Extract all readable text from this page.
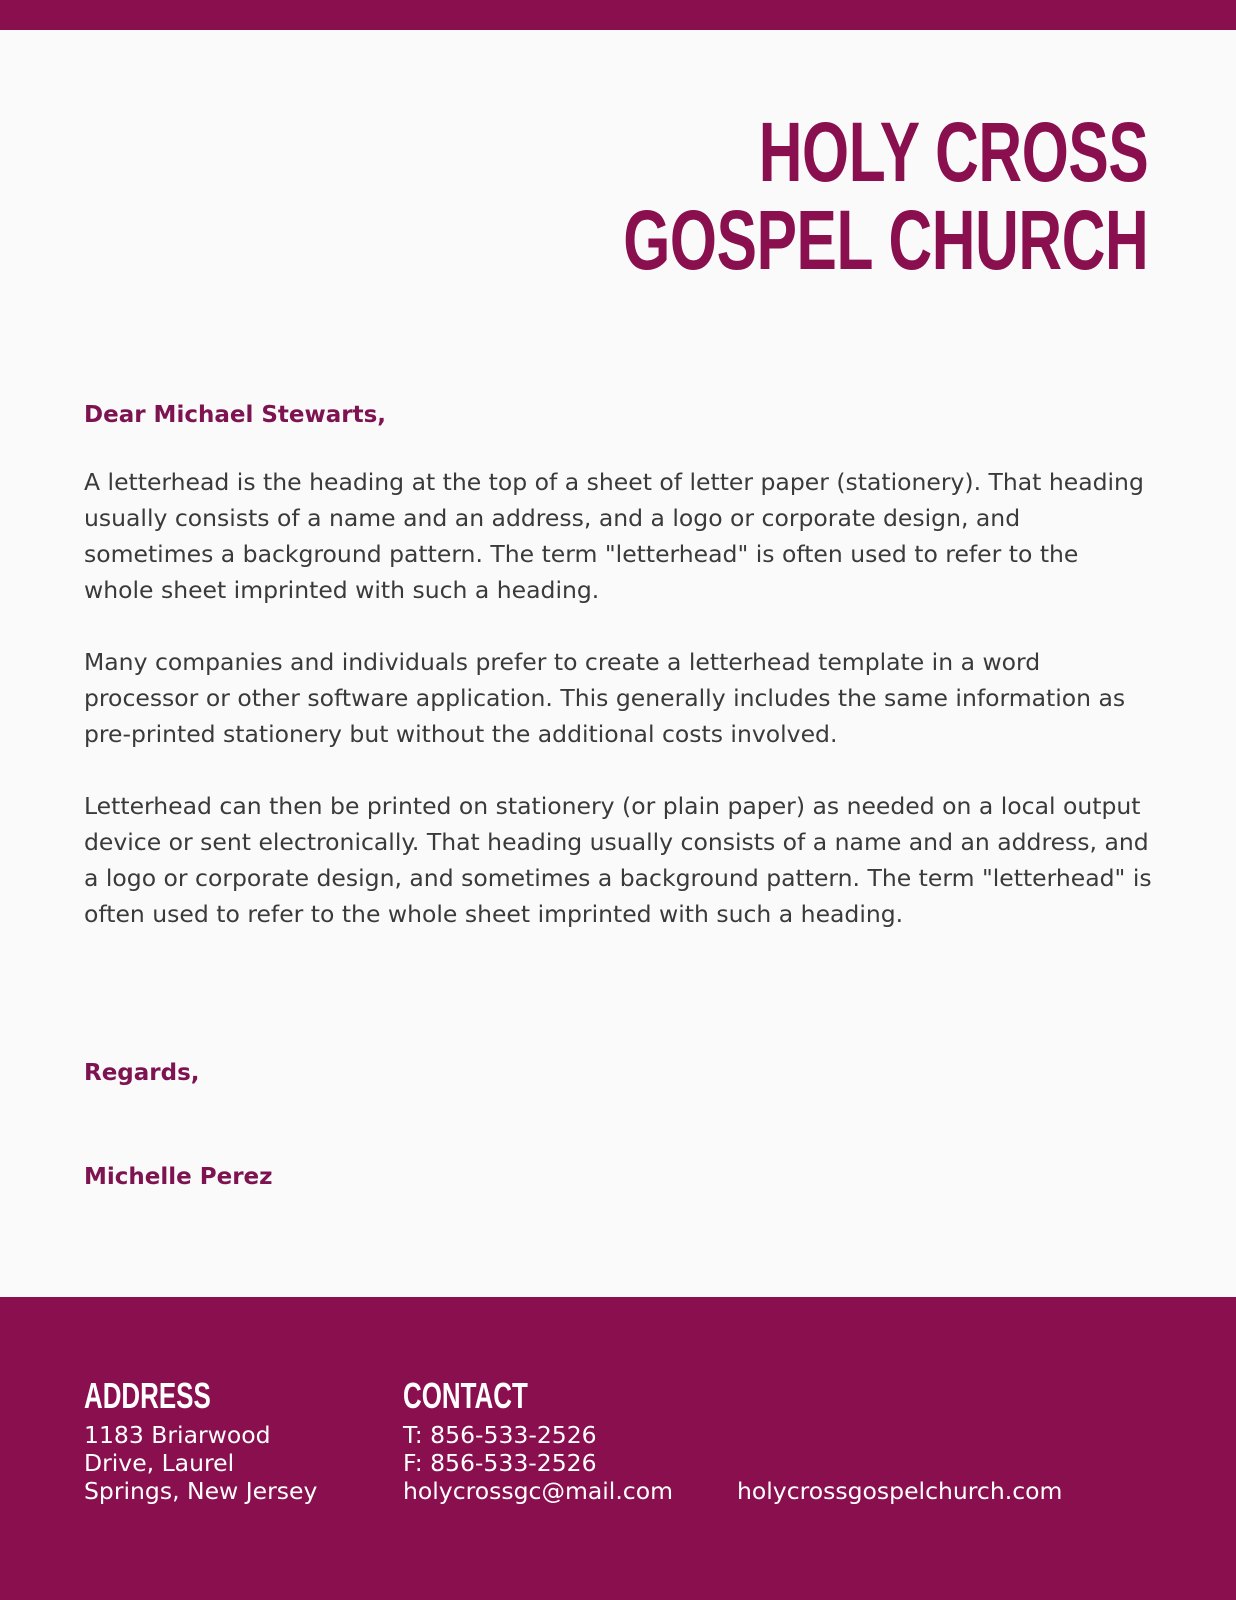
HOLY CROSS
GOSPEL CHURCH

Dear Michael Stewarts,

A letterhead is the heading at the top of a sheet of letter paper (stationery). That heading usually consists of a name and an address, and a logo or corporate design, and sometimes a background pattern. The term "letterhead" is often used to refer to the whole sheet imprinted with such a heading.

Many companies and individuals prefer to create a letterhead template in a word processor or other software application. This generally includes the same information as pre-printed stationery but without the additional costs involved.

Letterhead can then be printed on stationery (or plain paper) as needed on a local output device or sent electronically. That heading usually consists of a name and an address, and a logo or corporate design, and sometimes a background pattern. The term "letterhead" is often used to refer to the whole sheet imprinted with such a heading.

Regards,

Michelle Perez

ADDRESS
1183 Briarwood
Drive, Laurel
Springs, New Jersey
CONTACT
T: 856-533-2526
F: 856-533-2526
holycrossgc@mail.com	holycrossgospelchurch.com
